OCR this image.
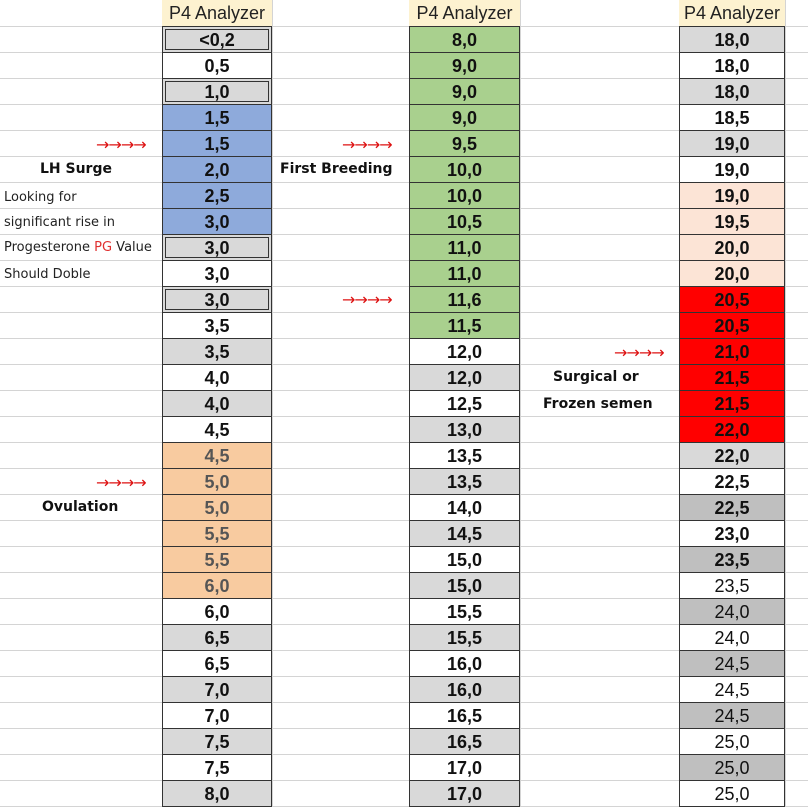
P4 Analyzer	P4 Analyzer	P4 Analyzer
<0,2
0,5
1,0
1,5
1,5
2,0
2,5
3,0
3,0
3,0
3,0
3,5
3,5
4,0
4,0
4,5
4,5
5,0
5,0
5,5
5,5
6,0
6,0
6,5
6,5
7,0
7,0
7,5
7,5
8,0
8,0
9,0
9,0
9,0
9,5
10,0
10,0
10,5
11,0
11,0
11,6
11,5
12,0
12,0
12,5
13,0
13,5
13,5
14,0
14,5
15,0
15,0
15,5
15,5
16,0
16,0
16,5
16,5
17,0
17,0
18,0
18,0
18,0
18,5
19,0
19,0
19,0
19,5
20,0
20,0
20,5
20,5
21,0
21,5
21,5
22,0
22,0
22,5
22,5
23,0
23,5
23,5
24,0
24,0
24,5
24,5
24,5
25,0
25,0
25,0
→→→→
LH Surge
Looking for
significant rise in
Progesterone PG Value
Should Doble
→→→→
Ovulation
→→→→
First Breeding
→→→→
→→→→
Surgical or
Frozen semen
